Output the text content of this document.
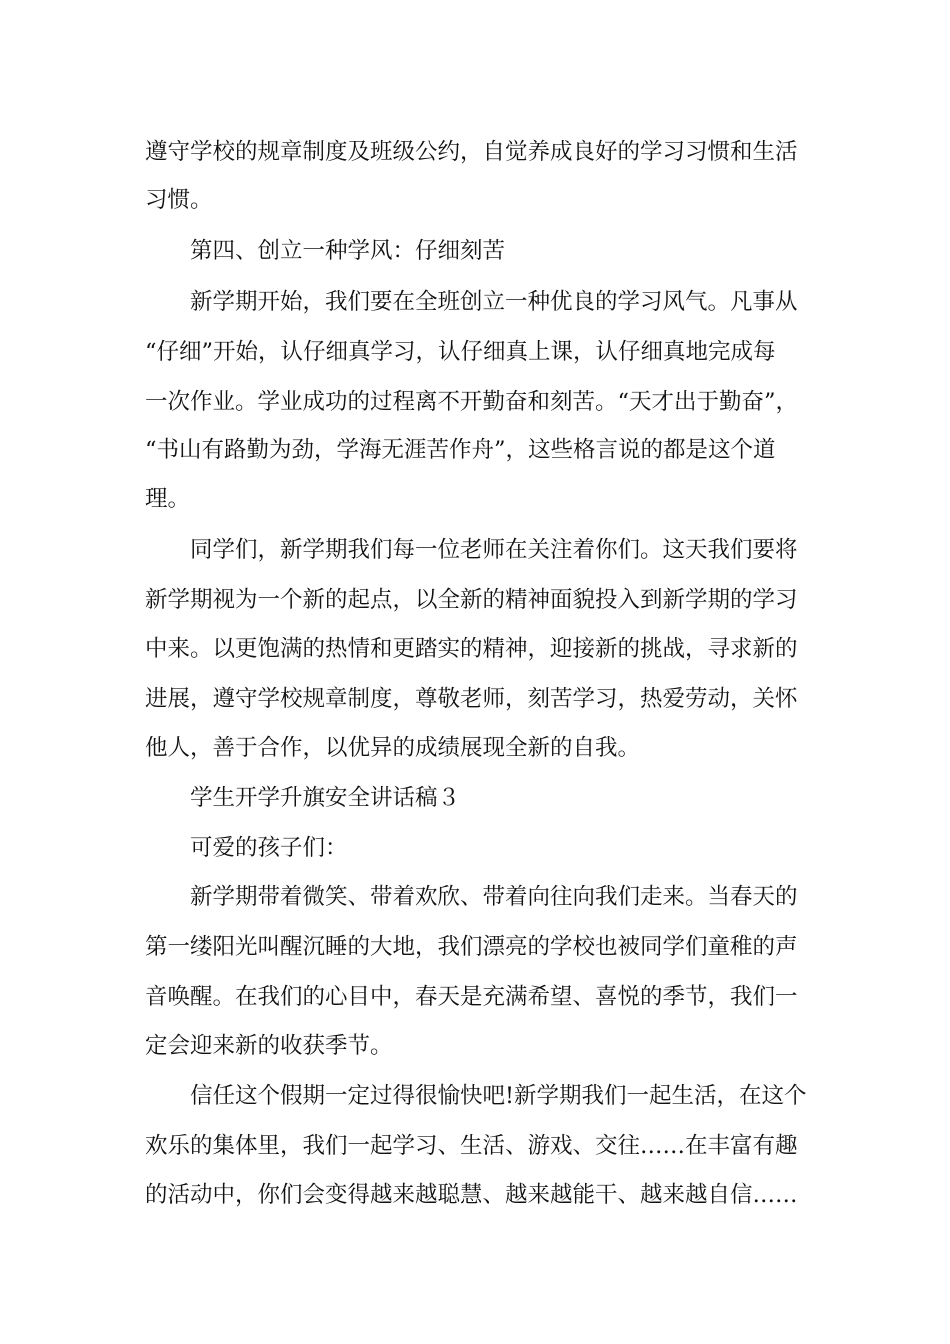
遵守学校的规章制度及班级公约，自觉养成良好的学习习惯和生活
习惯。
第四、创立一种学风：仔细刻苦
新学期开始，我们要在全班创立一种优良的学习风气。凡事从
“仔细”开始，认仔细真学习，认仔细真上课，认仔细真地完成每
一次作业。学业成功的过程离不开勤奋和刻苦。“天才出于勤奋”，
“书山有路勤为劲，学海无涯苦作舟”，这些格言说的都是这个道
理。
同学们，新学期我们每一位老师在关注着你们。这天我们要将
新学期视为一个新的起点，以全新的精神面貌投入到新学期的学习
中来。以更饱满的热情和更踏实的精神，迎接新的挑战，寻求新的
进展，遵守学校规章制度，尊敬老师，刻苦学习，热爱劳动，关怀
他人，善于合作，以优异的成绩展现全新的自我。
学生开学升旗安全讲话稿３
可爱的孩子们：
新学期带着微笑、带着欢欣、带着向往向我们走来。当春天的
第一缕阳光叫醒沉睡的大地，我们漂亮的学校也被同学们童稚的声
音唤醒。在我们的心目中，春天是充满希望、喜悦的季节，我们一
定会迎来新的收获季节。
信任这个假期一定过得很愉快吧!新学期我们一起生活，在这个
欢乐的集体里，我们一起学习、生活、游戏、交往……在丰富有趣
的活动中，你们会变得越来越聪慧、越来越能干、越来越自信……
